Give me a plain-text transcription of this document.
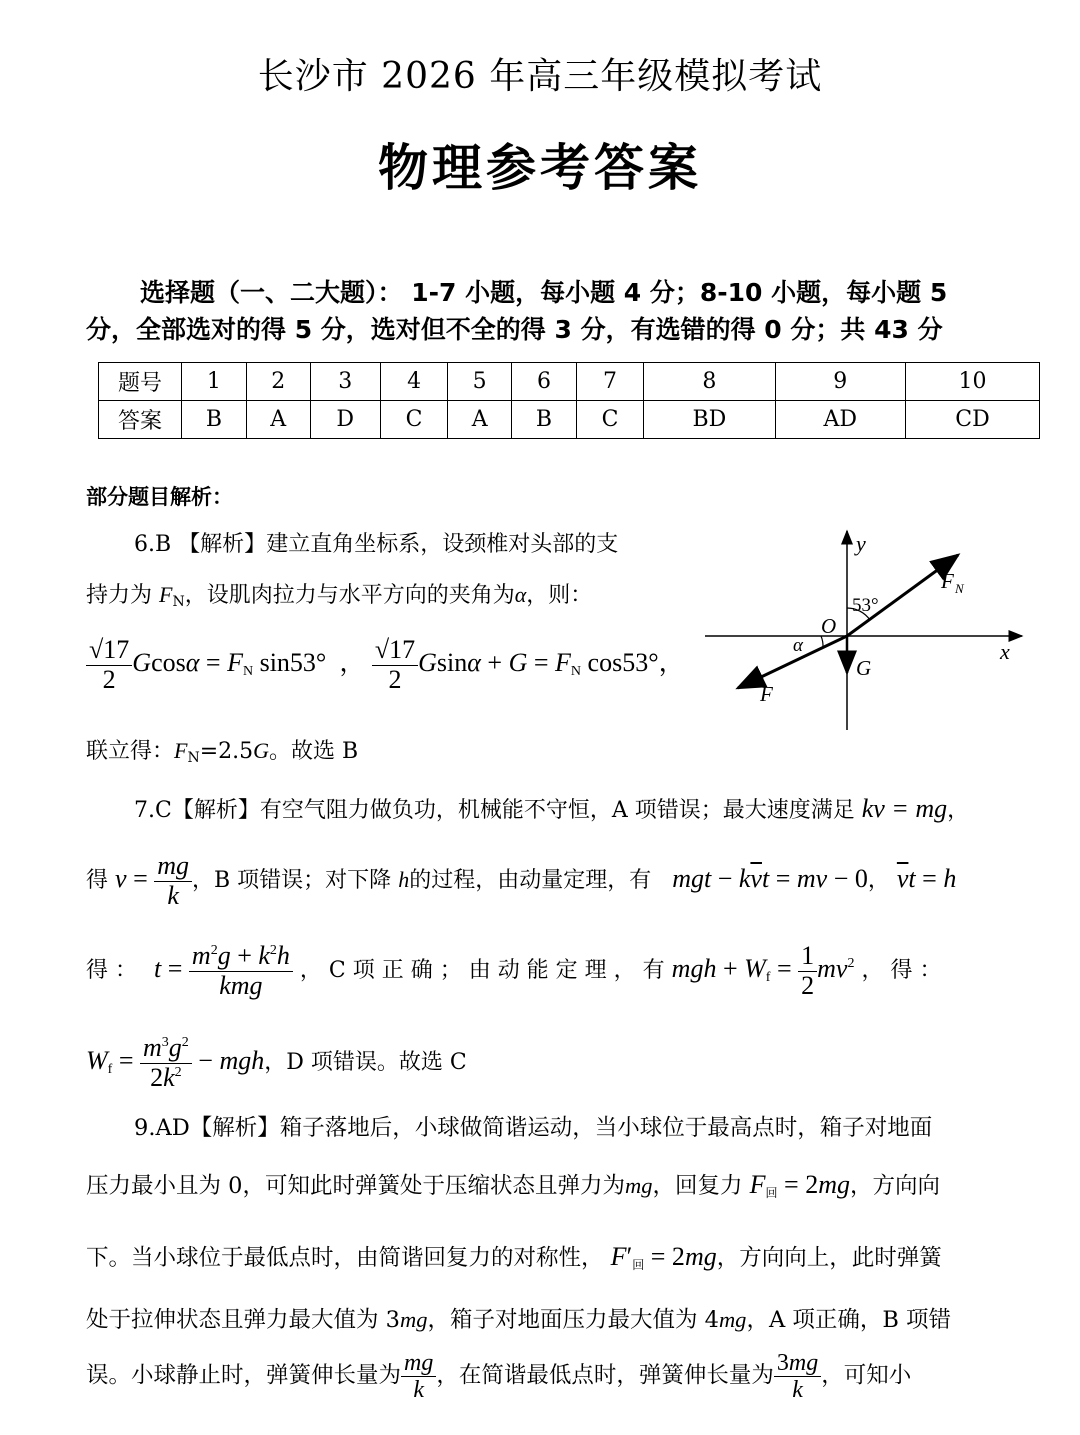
长沙市 2026 年高三年级模拟考试
物理参考答案
选择题（一、二大题）： 1-7 小题，每小题 4 分；8-10 小题，每小题 5
分，全部选对的得 5 分，选对但不全的得 3 分，有选错的得 0 分；共 43 分
题号	1	2	3	4	5	6	7	8	9	10
答案	B	A	D	C	A	B	C	BD	AD	CD
部分题目解析：
6.B 【解析】建立直角坐标系，设颈椎对头部的支
持力为 $F_N$，设肌肉拉力与水平方向的夹角为α，则：
$\frac{√17}{2}$ $Gcos\alpha = F_N$ sin53°  ， $\frac{√17}{2}$ $Gsin\alpha + G = F_N$ cos53°，
联立得：$F_N=2.5G$。故选 B
y
x
O
53°
α
F N
G
F
7.C【解析】有空气阻力做负功，机械能不守恒，A 项错误；最大速度满足 kv = mg，
得 $v = \frac{mg}{k}$ ，B 项错误；对下降 h的过程，由动量定理，有 mgt − $k\overline{v}t$ = mv − 0， $\overline{v}t = h$
得 ： $t = \frac{m^2g + k^2h}{\text{kmg}}$ ， C 项 正 确 ； 由 动 能 定 理 ， 有 mgh + $W_f = \frac{1}{2} mv^2$ ， 得 ：
$W_f = \frac{m^3g^2}{2k^2}$ − mgh，D 项错误。故选 C
9.AD【解析】箱子落地后，小球做简谐运动，当小球位于最高点时，箱子对地面
压力最小且为 0，可知此时弹簧处于压缩状态且弹力为mg，回复力 $F_回 = 2mg$，方向向
下。当小球位于最低点时，由简谐回复力的对称性， $F'_回 = 2mg$，方向向上，此时弹簧
处于拉伸状态且弹力最大值为 3mg，箱子对地面压力最大值为 4mg，A 项正确，B 项错
误。小球静止时，弹簧伸长量为 $\frac{mg}{k}$ ，在简谐最低点时，弹簧伸长量为 $\frac{3mg}{k}$ ，可知小
